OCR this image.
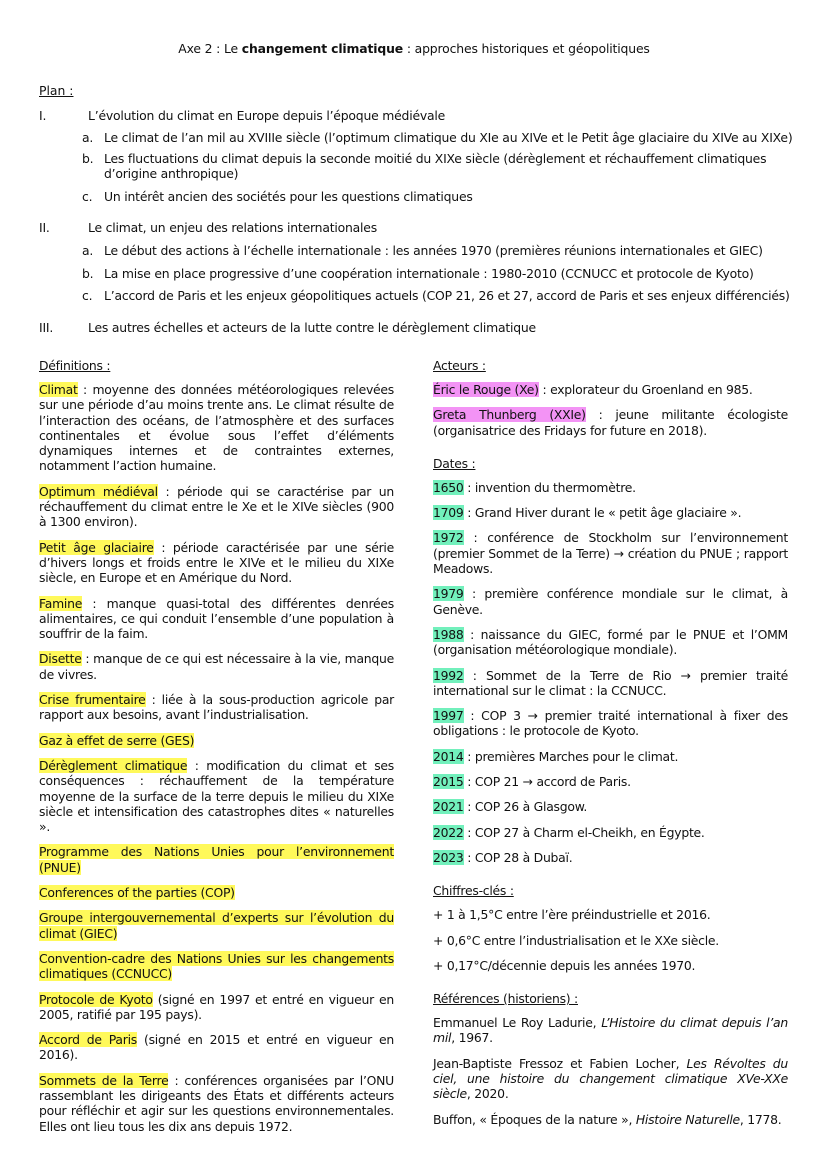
Axe 2 : Le changement climatique : approches historiques et géopolitiques
Plan :
I.	L’évolution du climat en Europe depuis l’époque médiévale
a. Le climat de l’an mil au XVIIIe siècle (l’optimum climatique du XIe au XIVe et le Petit âge glaciaire du XIVe au XIXe)
b. Les fluctuations du climat depuis la seconde moitié du XIXe siècle (dérèglement et réchauffement climatiques d’origine anthropique)
c. Un intérêt ancien des sociétés pour les questions climatiques
II.	Le climat, un enjeu des relations internationales
a. Le début des actions à l’échelle internationale : les années 1970 (premières réunions internationales et GIEC)
b. La mise en place progressive d’une coopération internationale : 1980-2010 (CCNUCC et protocole de Kyoto)
c. L’accord de Paris et les enjeux géopolitiques actuels (COP 21, 26 et 27, accord de Paris et ses enjeux différenciés)
III.	Les autres échelles et acteurs de la lutte contre le dérèglement climatique
Définitions :
Climat : moyenne des données météorologiques relevées sur une période d’au moins trente ans. Le climat résulte de l’interaction des océans, de l’atmosphère et des surfaces continentales et évolue sous l’effet d’éléments dynamiques internes et de contraintes externes, notamment l’action humaine.
Optimum médiéval : période qui se caractérise par un réchauffement du climat entre le Xe et le XIVe siècles (900 à 1300 environ).
Petit âge glaciaire : période caractérisée par une série d’hivers longs et froids entre le XIVe et le milieu du XIXe siècle, en Europe et en Amérique du Nord.
Famine : manque quasi-total des différentes denrées alimentaires, ce qui conduit l’ensemble d’une population à souffrir de la faim.
Disette : manque de ce qui est nécessaire à la vie, manque de vivres.
Crise frumentaire : liée à la sous-production agricole par rapport aux besoins, avant l’industrialisation.
Gaz à effet de serre (GES)
Dérèglement climatique : modification du climat et ses conséquences : réchauffement de la température moyenne de la surface de la terre depuis le milieu du XIXe siècle et intensification des catastrophes dites « naturelles ».
Programme des Nations Unies pour l’environnement (PNUE)
Conferences of the parties (COP)
Groupe intergouvernemental d’experts sur l’évolution du climat (GIEC)
Convention-cadre des Nations Unies sur les changements climatiques (CCNUCC)
Protocole de Kyoto (signé en 1997 et entré en vigueur en 2005, ratifié par 195 pays).
Accord de Paris (signé en 2015 et entré en vigueur en 2016).
Sommets de la Terre : conférences organisées par l’ONU rassemblant les dirigeants des États et différents acteurs pour réfléchir et agir sur les questions environnementales. Elles ont lieu tous les dix ans depuis 1972.
Acteurs :
Éric le Rouge (Xe) : explorateur du Groenland en 985.
Greta Thunberg (XXIe) : jeune militante écologiste (organisatrice des Fridays for future en 2018).
Dates :
1650 : invention du thermomètre.
1709 : Grand Hiver durant le « petit âge glaciaire ».
1972 : conférence de Stockholm sur l’environnement (premier Sommet de la Terre) → création du PNUE ; rapport Meadows.
1979 : première conférence mondiale sur le climat, à Genève.
1988 : naissance du GIEC, formé par le PNUE et l’OMM (organisation météorologique mondiale).
1992 : Sommet de la Terre de Rio → premier traité international sur le climat : la CCNUCC.
1997 : COP 3 → premier traité international à fixer des obligations : le protocole de Kyoto.
2014 : premières Marches pour le climat.
2015 : COP 21 → accord de Paris.
2021 : COP 26 à Glasgow.
2022 : COP 27 à Charm el-Cheikh, en Égypte.
2023 : COP 28 à Dubaï.
Chiffres-clés :
+ 1 à 1,5°C entre l’ère préindustrielle et 2016.
+ 0,6°C entre l’industrialisation et le XXe siècle.
+ 0,17°C/décennie depuis les années 1970.
Références (historiens) :
Emmanuel Le Roy Ladurie, L’Histoire du climat depuis l’an mil, 1967.
Jean-Baptiste Fressoz et Fabien Locher, Les Révoltes du ciel, une histoire du changement climatique XVe-XXe siècle, 2020.
Buffon, « Époques de la nature », Histoire Naturelle, 1778.
